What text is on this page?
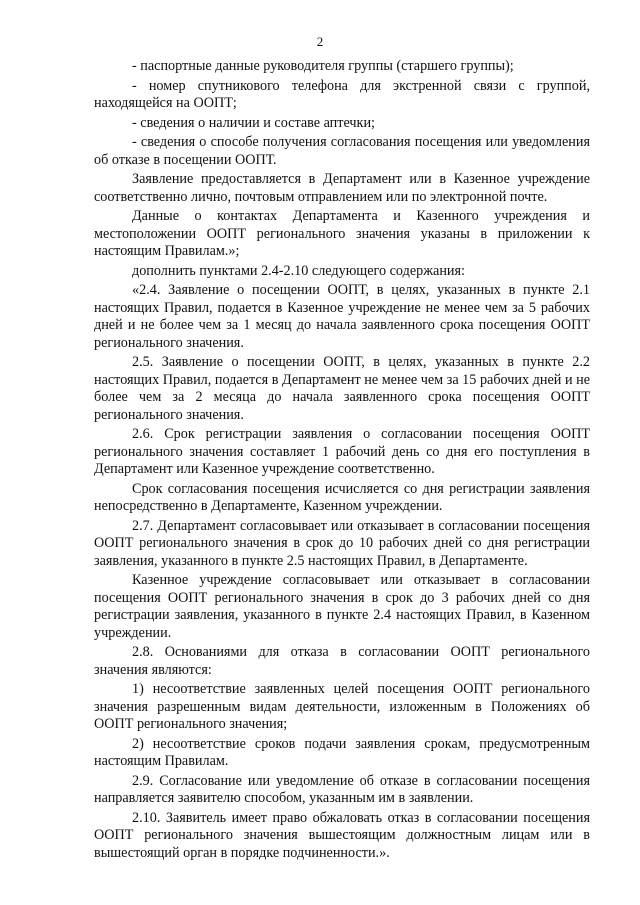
2

- паспортные данные руководителя группы (старшего группы);

- номер спутникового телефона для экстренной связи с группой, находящейся на ООПТ;

- сведения о наличии и составе аптечки;

- сведения о способе получения согласования посещения или уведомления об отказе в посещении ООПТ.

Заявление предоставляется в Департамент или в Казенное учреждение соответственно лично, почтовым отправлением или по электронной почте.

Данные о контактах Департамента и Казенного учреждения и местоположении ООПТ регионального значения указаны в приложении к настоящим Правилам.»;

дополнить пунктами 2.4-2.10 следующего содержания:

«2.4. Заявление о посещении ООПТ, в целях, указанных в пункте 2.1 настоящих Правил, подается в Казенное учреждение не менее чем за 5 рабочих дней и не более чем за 1 месяц до начала заявленного срока посещения ООПТ регионального значения.

2.5. Заявление о посещении ООПТ, в целях, указанных в пункте 2.2 настоящих Правил, подается в Департамент не менее чем за 15 рабочих дней и не более чем за 2 месяца до начала заявленного срока посещения ООПТ регионального значения.

2.6. Срок регистрации заявления о согласовании посещения ООПТ регионального значения составляет 1 рабочий день со дня его поступления в Департамент или Казенное учреждение соответственно.

Срок согласования посещения исчисляется со дня регистрации заявления непосредственно в Департаменте, Казенном учреждении.

2.7. Департамент согласовывает или отказывает в согласовании посещения ООПТ регионального значения в срок до 10 рабочих дней со дня регистрации заявления, указанного в пункте 2.5 настоящих Правил, в Департаменте.

Казенное учреждение согласовывает или отказывает в согласовании посещения ООПТ регионального значения в срок до 3 рабочих дней со дня регистрации заявления, указанного в пункте 2.4 настоящих Правил, в Казенном учреждении.

2.8. Основаниями для отказа в согласовании ООПТ регионального значения являются:

1) несоответствие заявленных целей посещения ООПТ регионального значения разрешенным видам деятельности, изложенным в Положениях об ООПТ регионального значения;

2) несоответствие сроков подачи заявления срокам, предусмотренным настоящим Правилам.

2.9. Согласование или уведомление об отказе в согласовании посещения направляется заявителю способом, указанным им в заявлении.

2.10. Заявитель имеет право обжаловать отказ в согласовании посещения ООПТ регионального значения вышестоящим должностным лицам или в вышестоящий орган в порядке подчиненности.».
